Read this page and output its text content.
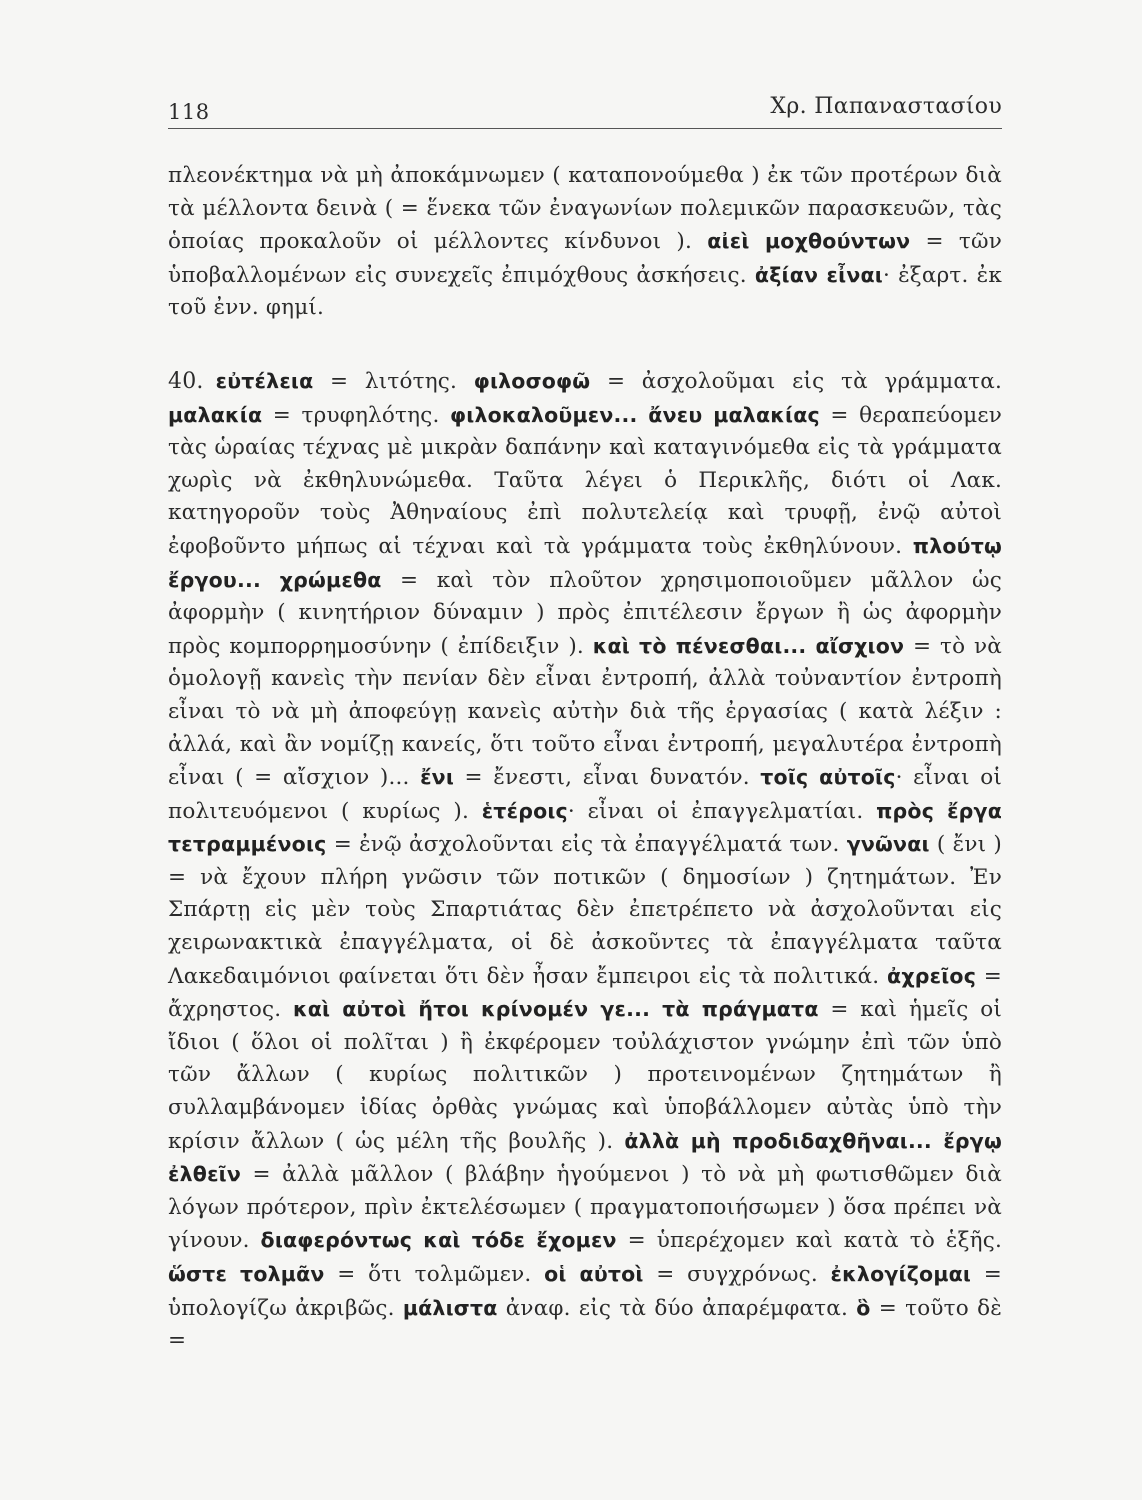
118	Χρ. Παπαναστασίου

πλεονέκτημα νὰ μὴ ἀποκάμνωμεν ( καταπονούμεθα ) ἐκ τῶν προτέρων διὰ τὰ μέλλοντα δεινὰ ( = ἕνεκα τῶν ἐναγωνίων πολεμικῶν παρασκευῶν, τὰς ὁποίας προκαλοῦν οἱ μέλλοντες κίνδυνοι ). αἰεὶ μοχθούντων = τῶν ὑποβαλλομένων εἰς συνεχεῖς ἐπιμόχθους ἀσκήσεις. ἀξίαν εἶναι· ἐξαρτ. ἐκ τοῦ ἐνν. φημί.

40. εὐτέλεια = λιτότης. φιλοσοφῶ = ἀσχολοῦμαι εἰς τὰ γράμματα. μαλακία = τρυφηλότης. φιλοκαλοῦμεν... ἄνευ μαλακίας = θεραπεύομεν τὰς ὡραίας τέχνας μὲ μικρὰν δαπάνην καὶ καταγινόμεθα εἰς τὰ γράμματα χωρὶς νὰ ἐκθηλυνώμεθα. Ταῦτα λέγει ὁ Περικλῆς, διότι οἱ Λακ. κατηγοροῦν τοὺς Ἀθηναίους ἐπὶ πολυτελείᾳ καὶ τρυφῇ, ἐνῷ αὐτοὶ ἐφοβοῦντο μήπως αἱ τέχναι καὶ τὰ γράμματα τοὺς ἐκθηλύνουν. πλούτῳ ἔργου... χρώμεθα = καὶ τὸν πλοῦτον χρησιμοποιοῦμεν μᾶλλον ὡς ἀφορμὴν ( κινητήριον δύναμιν ) πρὸς ἐπιτέλεσιν ἔργων ἢ ὡς ἀφορμὴν πρὸς κομπορρημοσύνην ( ἐπίδειξιν ). καὶ τὸ πένεσθαι... αἴσχιον = τὸ νὰ ὁμολογῇ κανεὶς τὴν πενίαν δὲν εἶναι ἐντροπή, ἀλλὰ τοὐναντίον ἐντροπὴ εἶναι τὸ νὰ μὴ ἀποφεύγῃ κανεὶς αὐτὴν διὰ τῆς ἐργασίας ( κατὰ λέξιν : ἀλλά, καὶ ἂν νομίζῃ κανείς, ὅτι τοῦτο εἶναι ἐντροπή, μεγαλυτέρα ἐντροπὴ εἶναι ( = αἴσχιον )... ἔνι = ἔνεστι, εἶναι δυνατόν. τοῖς αὐτοῖς· εἶναι οἱ πολιτευόμενοι ( κυρίως ). ἑτέροις· εἶναι οἱ ἐπαγγελματίαι. πρὸς ἔργα τετραμμένοις = ἐνῷ ἀσχολοῦνται εἰς τὰ ἐπαγγέλματά των. γνῶναι ( ἔνι ) = νὰ ἔχουν πλήρη γνῶσιν τῶν ποτικῶν ( δημοσίων ) ζητημάτων. Ἐν Σπάρτῃ εἰς μὲν τοὺς Σπαρτιάτας δὲν ἐπετρέπετο νὰ ἀσχολοῦνται εἰς χειρωνακτικὰ ἐπαγγέλματα, οἱ δὲ ἀσκοῦντες τὰ ἐπαγγέλματα ταῦτα Λακεδαιμόνιοι φαίνεται ὅτι δὲν ἦσαν ἔμπειροι εἰς τὰ πολιτικά. ἀχρεῖος = ἄχρηστος. καὶ αὐτοὶ ἤτοι κρίνομέν γε... τὰ πράγματα = καὶ ἡμεῖς οἱ ἴδιοι ( ὅλοι οἱ πολῖται ) ἢ ἐκφέρομεν τοὐλάχιστον γνώμην ἐπὶ τῶν ὑπὸ τῶν ἄλλων ( κυρίως πολιτικῶν ) προτεινομένων ζητημάτων ἢ συλλαμβάνομεν ἰδίας ὀρθὰς γνώμας καὶ ὑποβάλλομεν αὐτὰς ὑπὸ τὴν κρίσιν ἄλλων ( ὡς μέλη τῆς βουλῆς ). ἀλλὰ μὴ προδιδαχθῆναι... ἔργῳ ἐλθεῖν = ἀλλὰ μᾶλλον ( βλάβην ἡγούμενοι ) τὸ νὰ μὴ φωτισθῶμεν διὰ λόγων πρότερον, πρὶν ἐκτελέσωμεν ( πραγματοποιήσωμεν ) ὅσα πρέπει νὰ γίνουν. διαφερόντως καὶ τόδε ἔχομεν = ὑπερέχομεν καὶ κατὰ τὸ ἑξῆς. ὥστε τολμᾶν = ὅτι τολμῶμεν. οἱ αὐτοὶ = συγχρόνως. ἐκλογίζομαι = ὑπολογίζω ἀκριβῶς. μάλιστα ἀναφ. εἰς τὰ δύο ἀπαρέμφατα. ὃ = τοῦτο δὲ =
